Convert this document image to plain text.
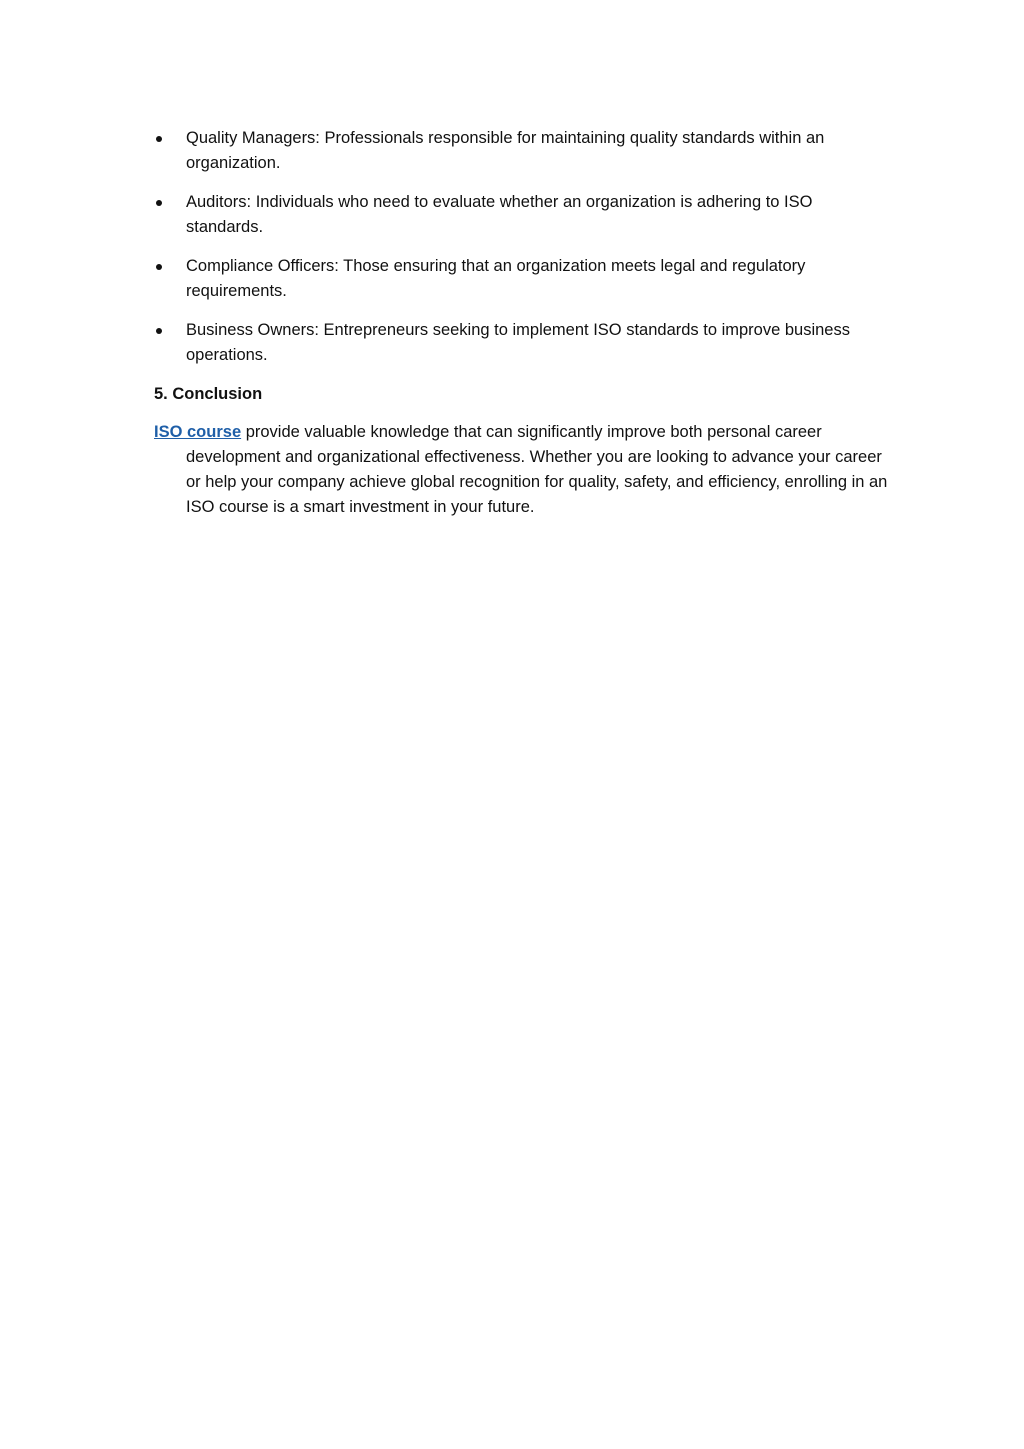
Quality Managers: Professionals responsible for maintaining quality standards within an organization.
Auditors: Individuals who need to evaluate whether an organization is adhering to ISO standards.
Compliance Officers: Those ensuring that an organization meets legal and regulatory requirements.
Business Owners: Entrepreneurs seeking to implement ISO standards to improve business operations.

5. Conclusion

ISO course provide valuable knowledge that can significantly improve both personal career development and organizational effectiveness. Whether you are looking to advance your career or help your company achieve global recognition for quality, safety, and efficiency, enrolling in an ISO course is a smart investment in your future.
